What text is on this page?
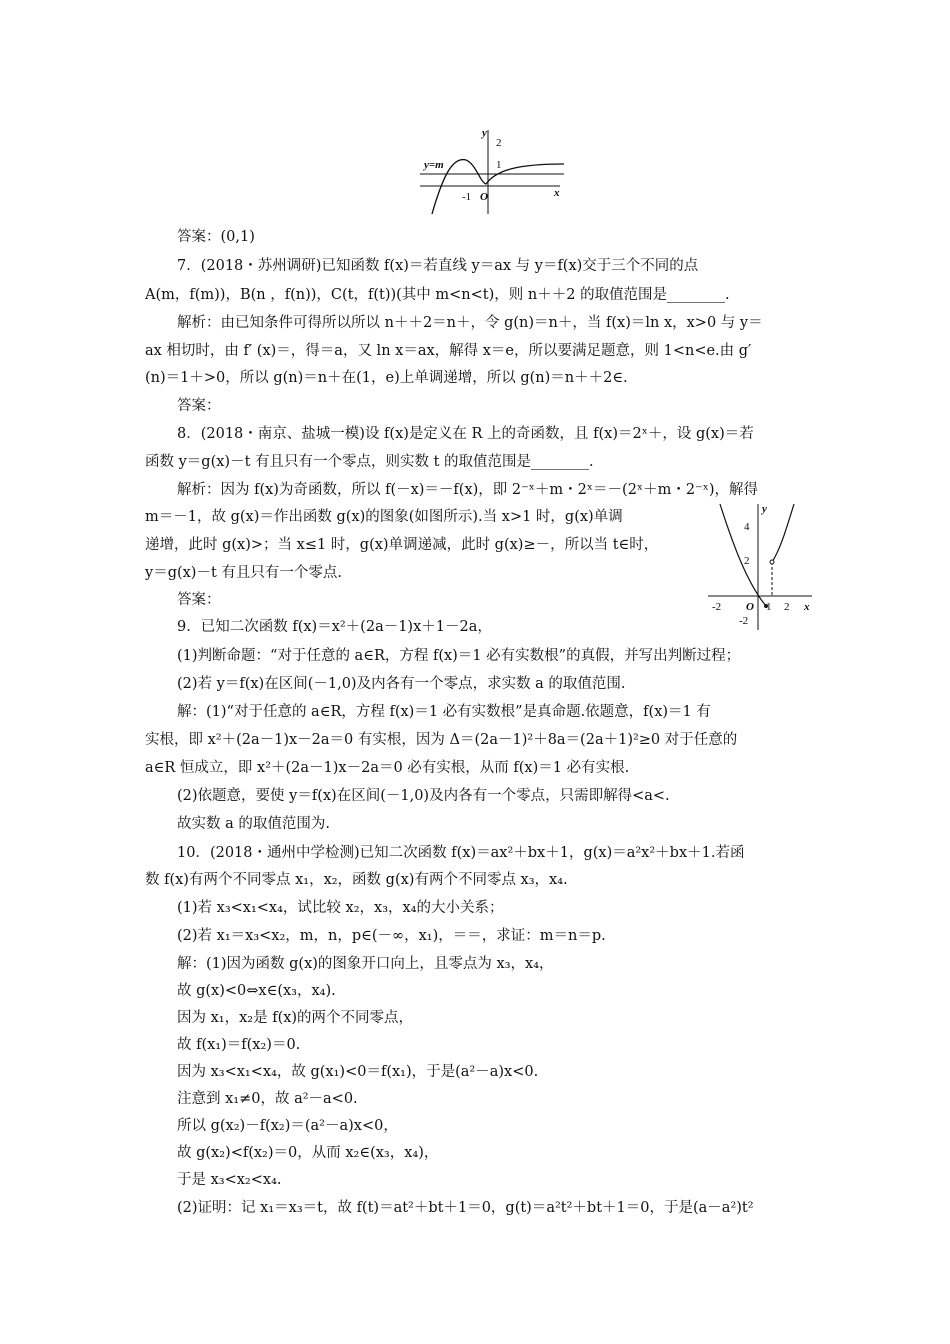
y
2
1
y=m
-1 O	x
y
4
2
-2
-2 O 1 2 x
答案：(0,1)
7．(2018・苏州调研)已知函数 f(x)＝若直线 y＝ax 与 y＝f(x)交于三个不同的点
A(m，f(m))，B(n ，f(n))，C(t，f(t))(其中 m<n<t)，则 n＋＋2 的取值范围是________.
解析：由已知条件可得所以所以 n＋＋2＝n＋，令 g(n)＝n＋，当 f(x)＝ln x，x>0 与 y＝
ax 相切时，由 f′ (x)＝，得＝a，又 ln x＝ax，解得 x＝e，所以要满足题意，则 1<n<e.由 g′
(n)＝1＋>0，所以 g(n)＝n＋在(1，e)上单调递增，所以 g(n)＝n＋＋2∈.
答案：
8．(2018・南京、盐城一模)设 f(x)是定义在 R 上的奇函数，且 f(x)＝2ˣ＋，设 g(x)＝若
函数 y＝g(x)－t 有且只有一个零点，则实数 t 的取值范围是________.
解析：因为 f(x)为奇函数，所以 f(－x)＝－f(x)，即 2⁻ˣ＋m・2ˣ＝－(2ˣ＋m・2⁻ˣ)，解得
m＝－1，故 g(x)＝作出函数 g(x)的图象(如图所示).当 x>1 时，g(x)单调
递增，此时 g(x)>；当 x≤1 时，g(x)单调递减，此时 g(x)≥－，所以当 t∈时，
y＝g(x)－t 有且只有一个零点.
答案：
9．已知二次函数 f(x)＝x²＋(2a－1)x＋1－2a，
(1)判断命题：“对于任意的 a∈R，方程 f(x)＝1 必有实数根”的真假，并写出判断过程；
(2)若 y＝f(x)在区间(－1,0)及内各有一个零点，求实数 a 的取值范围.
解：(1)“对于任意的 a∈R，方程 f(x)＝1 必有实数根”是真命题.依题意，f(x)＝1 有
实根，即 x²＋(2a－1)x－2a＝0 有实根，因为 Δ＝(2a－1)²＋8a＝(2a＋1)²≥0 对于任意的
a∈R 恒成立，即 x²＋(2a－1)x－2a＝0 必有实根，从而 f(x)＝1 必有实根.
(2)依题意，要使 y＝f(x)在区间(－1,0)及内各有一个零点，只需即解得<a<.
故实数 a 的取值范围为.
10．(2018・通州中学检测)已知二次函数 f(x)＝ax²＋bx＋1，g(x)＝a²x²＋bx＋1.若函
数 f(x)有两个不同零点 x₁，x₂，函数 g(x)有两个不同零点 x₃，x₄.
(1)若 x₃<x₁<x₄，试比较 x₂，x₃，x₄的大小关系；
(2)若 x₁＝x₃<x₂，m，n，p∈(－∞，x₁)，＝＝，求证：m＝n＝p.
解：(1)因为函数 g(x)的图象开口向上，且零点为 x₃，x₄，
故 g(x)<0⇔x∈(x₃，x₄).
因为 x₁，x₂是 f(x)的两个不同零点，
故 f(x₁)＝f(x₂)＝0.
因为 x₃<x₁<x₄，故 g(x₁)<0＝f(x₁)，于是(a²－a)x<0.
注意到 x₁≠0，故 a²－a<0.
所以 g(x₂)－f(x₂)＝(a²－a)x<0，
故 g(x₂)<f(x₂)＝0，从而 x₂∈(x₃，x₄)，
于是 x₃<x₂<x₄.
(2)证明：记 x₁＝x₃＝t，故 f(t)＝at²＋bt＋1＝0，g(t)＝a²t²＋bt＋1＝0，于是(a－a²)t²
